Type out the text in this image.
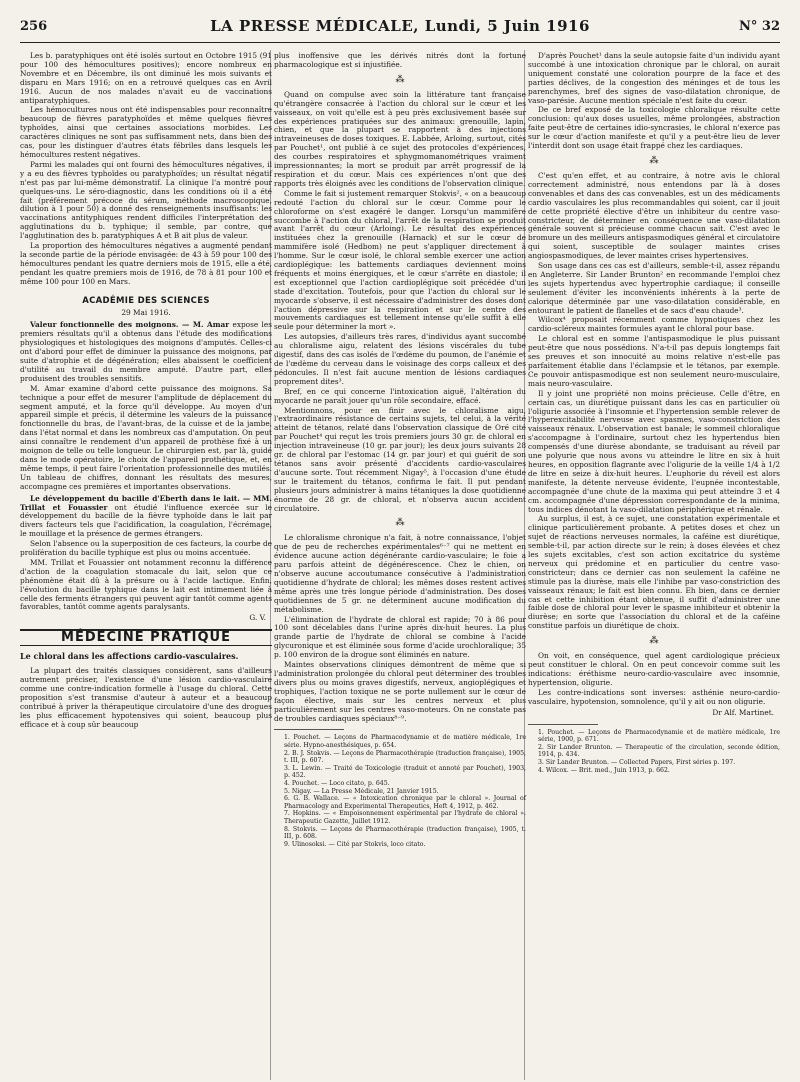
256	LA PRESSE MÉDICALE, Lundi, 5 Juin 1916	N° 32

Les b. paratyphiques ont été isolés surtout en Octobre 1915 (91 pour 100 des hémocultures positives); encore nombreux en Novembre et en Décembre, ils ont diminué les mois suivants et disparu en Mars 1916; on en a retrouvé quelques cas en Avril 1916. Aucun de nos malades n'avait eu de vaccinations antiparatyphiques.

Les hémocultures nous ont été indispensables pour reconnaître beaucoup de fièvres paratyphoïdes et même quelques fièvres typhoïdes, ainsi que certaines associations morbides. Les caractères cliniques ne sont pas suffisamment nets, dans bien des cas, pour les distinguer d'autres états fébriles dans lesquels les hémocultures restent négatives.

Parmi les malades qui ont fourni des hémocultures négatives, il y a eu des fièvres typhoïdes ou paratyphoïdes; un résultat négatif n'est pas par lui-même démonstratif. La clinique l'a montré pour quelques-uns. Le séro-diagnostic, dans les conditions où il a été fait (préférement précoce du sérum, méthode macroscopique, dilution à 1 pour 50) a donné des renseignements insuffisants: les vaccinations antityphiques rendent difficiles l'interprétation des agglutinations du b. typhique; il semble, par contre, que l'agglutination des b. paratyphiques A et B ait plus de valeur.

La proportion des hémocultures négatives a augmenté pendant la seconde partie de la période envisagée: de 43 à 59 pour 100 des hémocultures pendant les quatre derniers mois de 1915, elle a été, pendant les quatre premiers mois de 1916, de 78 à 81 pour 100 et même 100 pour 100 en Mars.

ACADÉMIE DES SCIENCES
29 Mai 1916.

Valeur fonctionnelle des moignons. — M. Amar expose les premiers résultats qu'il a obtenus dans l'étude des modifications physiologiques et histologiques des moignons d'amputés. Celles-ci ont d'abord pour effet de diminuer la puissance des moignons, par suite d'atrophie et de dégénération; elles abaissent le coefficient d'utilité au travail du membre amputé. D'autre part, elles produisent des troubles sensitifs.

M. Amar examine d'abord cette puissance des moignons. Sa technique a pour effet de mesurer l'amplitude de déplacement du segment amputé, et la force qu'il développe. Au moyen d'un appareil simple et précis, il détermine les valeurs de la puissance fonctionnelle du bras, de l'avant-bras, de la cuisse et de la jambe, dans l'état normal et dans les nombreux cas d'amputation. On peut ainsi connaître le rendement d'un appareil de prothèse fixé à un moignon de telle ou telle longueur. Le chirurgien est, par là, guidé dans le mode opératoire, le choix de l'appareil prothétique, et, en même temps, il peut faire l'orientation professionnelle des mutilés. Un tableau de chiffres, donnant les résultats des mesures, accompagne ces premières et importantes observations.

Le développement du bacille d'Eberth dans le lait. — MM. Trillat et Fouassier ont étudié l'influence exercée sur le développement du bacille de la fièvre typhoïde dans le lait par divers facteurs tels que l'acidification, la coagulation, l'écrémage, le mouillage et la présence de germes étrangers.

Selon l'absence ou la superposition de ces facteurs, la courbe de prolifération du bacille typhique est plus ou moins accentuée.

MM. Trillat et Fouassier ont notamment reconnu la différence d'action de la coagulation stomacale du lait, selon que ce phénomène était dû à la présure ou à l'acide lactique. Enfin, l'évolution du bacille typhique dans le lait est intimement liée à celle des ferments étrangers qui peuvent agir tantôt comme agents favorables, tantôt comme agents paralysants.

G. V.
MÉDECINE PRATIQUE

Le chloral dans les affections cardio-vasculaires.

La plupart des traités classiques considèrent, sans d'ailleurs autrement préciser, l'existence d'une lésion cardio-vasculaire comme une contre-indication formelle à l'usage du chloral. Cette proposition s'est transmise d'auteur à auteur et a beaucoup contribué à priver la thérapeutique circulatoire d'une des drogues les plus efficacement hypotensives qui soient, beaucoup plus efficace et à coup sûr beaucoup

plus inoffensive que les dérivés nitrés dont la fortune pharmacologique est si injustifiée.

⁂

Quand on compulse avec soin la littérature tant française qu'étrangère consacrée à l'action du chloral sur le cœur et les vaisseaux, on voit qu'elle est à peu près exclusivement basée sur des expériences pratiquées sur des animaux: grenouille, lapin, chien, et que la plupart se rapportent à des injections intraveineuses de doses toxiques. E. Labbée, Arloing, surtout, cités par Pouchet¹, ont publié à ce sujet des protocoles d'expériences, des courbes respiratoires et sphygmomanométriques vraiment impressionnantes; la mort se produit par arrêt progressif de la respiration et du cœur. Mais ces expériences n'ont que des rapports très éloignés avec les conditions de l'observation clinique.

Comme le fait si justement remarquer Stokvis², « on a beaucoup redouté l'action du chloral sur le cœur. Comme pour le chloroforme on s'est exagéré le danger. Lorsqu'un mammifère succombe à l'action du chloral, l'arrêt de la respiration se produit avant l'arrêt du cœur (Arloing). Le résultat des expériences instituées chez la grenouille (Harnack) et sur le cœur de mammifère isolé (Hedbom) ne peut s'appliquer directement à l'homme. Sur le cœur isolé, le chloral semble exercer une action cardioplégique: les battements cardiaques deviennent moins fréquents et moins énergiques, et le cœur s'arrête en diastole; il est exceptionnel que l'action cardioplégique soit précédée d'un stade d'excitation. Toutefois, pour que l'action du chloral sur le myocarde s'observe, il est nécessaire d'administrer des doses dont l'action dépressive sur la respiration et sur le centre des mouvements cardiaques est tellement intense qu'elle suffit à elle seule pour déterminer la mort ».

Les autopsies, d'ailleurs très rares, d'individus ayant succombé au chloralisme aigu, relatent des lésions viscérales du tube digestif, dans des cas isolés de l'œdème du poumon, de l'anémie et de l'œdème du cerveau dans le voisinage des corps calleux et des pédoncules. Il n'est fait aucune mention de lésions cardiaques proprement dites³.

Bref, en ce qui concerne l'intoxication aiguë, l'altération du myocarde ne paraît jouer qu'un rôle secondaire, effacé.

Mentionnons, pour en finir avec le chloralisme aigu, l'extraordinaire résistance de certains sujets, tel celui, à la vérité atteint de tétanos, relaté dans l'observation classique de Oré cité par Pouchet⁴ qui reçut les trois premiers jours 30 gr. de chloral en injection intraveineuse (10 gr. par jour); les deux jours suivants 28 gr. de chloral par l'estomac (14 gr. par jour) et qui guérit de son tétanos sans avoir présenté d'accidents cardio-vasculaires d'aucune sorte. Tout récemment Nigay⁵, à l'occasion d'une étude sur le traitement du tétanos, confirma le fait. Il put pendant plusieurs jours administrer à mains tétaniques la dose quotidienne énorme de 28 gr. de chloral, et n'observa aucun accident circulatoire.

⁂

Le chloralisme chronique n'a fait, à notre connaissance, l'objet que de peu de recherches expérimentales⁶⁻⁷ qui ne mettent en évidence aucune action dégénérante cardio-vasculaire; le foie a paru parfois atteint de dégénérescence. Chez le chien, on n'observe aucune accoutumance consécutive à l'administration quotidienne d'hydrate de chloral; les mêmes doses restent actives même après une très longue période d'administration. Des doses quotidiennes de 5 gr. ne déterminent aucune modification du métabolisme.

L'élimination de l'hydrate de chloral est rapide; 70 à 86 pour 100 sont décelables dans l'urine après dix-huit heures. La plus grande partie de l'hydrate de chloral se combine à l'acide glycuronique et est éliminée sous forme d'acide urochloralique; 35 p. 100 environ de la drogue sont éliminés en nature.

Maintes observations cliniques démontrent de même que si l'administration prolongée du chloral peut déterminer des troubles divers plus ou moins graves digestifs, nerveux, angioplégiques et trophiques, l'action toxique ne se porte nullement sur le cœur de façon élective, mais sur les centres nerveux et plus particulièrement sur les centres vaso-moteurs. On ne constate pas de troubles cardiaques spéciaux⁸⁻⁹.

1. Pouchet. — Leçons de Pharmacodynamie et de matière médicale, 1re série. Hypno-anesthésiques, p. 654.

2. B. J. Stokvis. — Leçons de Pharmacothérapie (traduction française), 1905, t. III, p. 607.

3. L. Lewin. — Traité de Toxicologie (traduit et annoté par Pouchet), 1903, p. 452.

4. Pouchet. — Loco citato, p. 645.

5. Nigay. — La Presse Médicale, 21 Janvier 1915.

6. G. B. Wallace. — « Intoxication chronique par le chloral ». Journal of Pharmacology and Experimental Therapeutics, Heft 4, 1912, p. 462.

7. Hopkins. — « Empoisonnement expérimental par l'hydrate de chloral ». Therapeutic Gazette, Juillet 1912.

8. Stokvis. — Leçons de Pharmacothérapie (traduction française), 1905, t. III, p. 608.

9. Ulinosoksi. — Cité par Stokvis, loco citato.

D'après Pouchet¹ dans la seule autopsie faite d'un individu ayant succombé à une intoxication chronique par le chloral, on aurait uniquement constaté une coloration pourpre de la face et des parties déclives, de la congestion des méninges et de tous les parenchymes, bref des signes de vaso-dilatation chronique, de vaso-parésie. Aucune mention spéciale n'est faite du cœur.

De ce bref exposé de la toxicologie chloralique résulte cette conclusion: qu'aux doses usuelles, même prolongées, abstraction faite peut-être de certaines idio-syncrasies, le chloral n'exerce pas sur le cœur d'action manifeste et qu'il y a peut-être lieu de lever l'interdit dont son usage était frappé chez les cardiaques.

⁂

C'est qu'en effet, et au contraire, à notre avis le chloral correctement administré, nous entendons par là à doses convenables et dans des cas convenables, est un des médicaments cardio vasculaires les plus recommandables qui soient, car il jouit de cette propriété élective d'être un inhibiteur du centre vaso-constricteur, de déterminer en conséquence une vaso-dilatation générale souvent si précieuse comme chacun sait. C'est avec le bromure un des meilleurs antispasmodiques général et circulatoire qui soient, susceptible de soulager maintes crises angiospasmodiques, de lever maintes crises hypertensives.

Son usage dans ces cas est d'ailleurs, semble-t-il, assez répandu en Angleterre. Sir Lander Brunton² en recommande l'emploi chez les sujets hypertendus avec hypertrophie cardiaque; il conseille seulement d'éviter les inconvénients inhérents à la perte de calorique déterminée par une vaso-dilatation considérable, en entourant le patient de flanelles et de sacs d'eau chaude³.

Wilcox⁴ proposait récemment comme hypnotiques chez les cardio-scléreux maintes formules ayant le chloral pour base.

Le chloral est en somme l'antispasmodique le plus puissant peut-être que nous possédions. N'a-t-il pas depuis longtemps fait ses preuves et son innocuité au moins relative n'est-elle pas parfaitement établie dans l'éclampsie et le tétanos, par exemple. Ce pouvoir antispasmodique est non seulement neuro-musculaire, mais neuro-vasculaire.

Il y joint une propriété non moins précieuse. Celle d'être, en certain cas, un diurétique puissant dans les cas en particulier où l'oligurie associée à l'insomnie et l'hypertension semble relever de l'hyperexcitabilité nerveuse avec spasmes, vaso-constriction des vaisseaux rénaux. L'observation est banale; le sommeil chloralique s'accompagne à l'ordinaire, surtout chez les hypertendus bien compensés d'une diurèse abondante, se traduisant au réveil par une polyurie que nous avons vu atteindre le litre en six à huit heures, en opposition flagrante avec l'oligurie de la veille 1/4 à 1/2 de litre en seize à dix-huit heures. L'euphorie du réveil est alors manifeste, la détente nerveuse évidente, l'eupnée incontestable, accompagnée d'une chute de la maxima qui peut atteindre 3 et 4 cm. accompagnée d'une dépression correspondante de la minima, tous indices dénotant la vaso-dilatation périphérique et rénale.

Au surplus, il est, à ce sujet, une constatation expérimentale et clinique particulièrement probante. A petites doses et chez un sujet de réactions nerveuses normales, la caféine est diurétique, semble-t-il, par action directe sur le rein; à doses élevées et chez les sujets excitables, c'est son action excitatrice du système nerveux qui prédomine et en particulier du centre vaso-constricteur; dans ce dernier cas non seulement la caféine ne stimule pas la diurèse, mais elle l'inhibe par vaso-constriction des vaisseaux rénaux; le fait est bien connu. Eh bien, dans ce dernier cas et cette inhibition étant obtenue, il suffit d'administrer une faible dose de chloral pour lever le spasme inhibiteur et obtenir la diurèse; en sorte que l'association du chloral et de la caféine constitue parfois un diurétique de choix.

⁂

On voit, en conséquence, quel agent cardiologique précieux peut constituer le chloral. On en peut concevoir comme suit les indications: éréthisme neuro-cardio-vasculaire avec insomnie, hypertension, oligurie.

Les contre-indications sont inverses: asthénie neuro-cardio-vasculaire, hypotension, somnolence, qu'il y ait ou non oligurie.

Dr Alf. Martinet.

1. Pouchet. — Leçons de Pharmacodynamie et de matière médicale, 1re série, 1900, p. 671.

2. Sir Lander Brunton. — Therapeutic of the circulation, seconde édition, 1914, p. 434.

3. Sir Lander Brunton. — Collected Papers, First séries p. 197.

4. Wilcox. — Brit. med., Juin 1913, p. 662.
